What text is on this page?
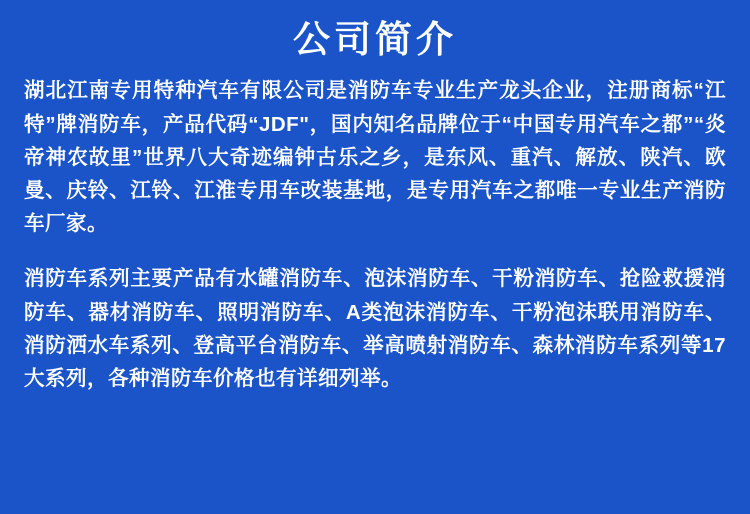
公司简介

湖北江南专用特种汽车有限公司是消防车专业生产龙头企业，注册商标“江特”牌消防车，产品代码“JDF"，国内知名品牌位于“中国专用汽车之都”“炎帝神农故里”世界八大奇迹编钟古乐之乡，是东风、重汽、解放、陕汽、欧曼、庆铃、江铃、江淮专用车改装基地，是专用汽车之都唯一专业生产消防车厂家。

消防车系列主要产品有水罐消防车、泡沫消防车、干粉消防车、抢险救援消防车、器材消防车、照明消防车、A类泡沫消防车、干粉泡沫联用消防车、消防洒水车系列、登高平台消防车、举高喷射消防车、森林消防车系列等17大系列，各种消防车价格也有详细列举。
